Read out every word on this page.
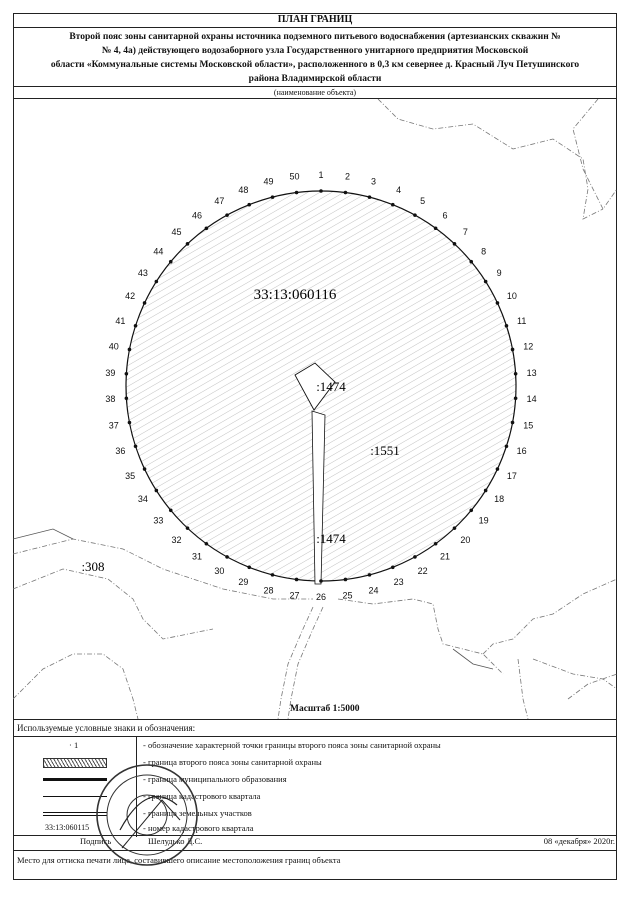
ПЛАН ГРАНИЦ
Второй пояс зоны санитарной охраны источника подземного питьевого водоснабжения (артезианских скважин №
№ 4, 4а) действующего водозаборного узла Государственного унитарного предприятия Московской
области «Коммунальные системы Московской области», расположенного в 0,3 км севернее д. Красный Луч Петушинского
района Владимирской области
(наименование объекта)
1 2 3
4
5
6
7
8
9
10
11
12
13
14
15
16
17
18
19
20
21
22
23
24
25
26
27
28
29
30
31
32
33
34
35
36
37
38
39
40
41
42
43
44
45
46
47
48
49 50
33:13:060116
:1474
:1551
:1474
:308
Масштаб 1:5000
Используемые условные знаки и обозначения:
· 1	- обозначение характерной точки границы второго пояса зоны санитарной охраны
- граница второго пояса зоны санитарной охраны
- граница муниципального образования
- граница кадастрового квартала
- граница земельных участков
33:13:060115	- номер кадастрового квартала
Подпись	Шелудько Д.С.	08 «декабря» 2020г.
Место для оттиска печати лица, составившего описание местоположения границ объекта
